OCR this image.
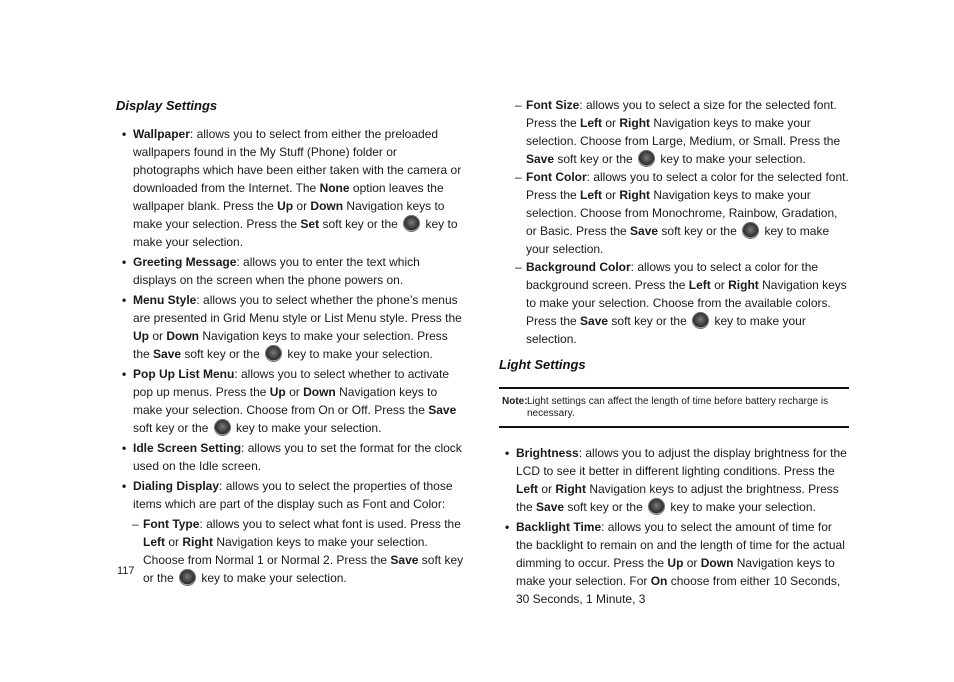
Display Settings
• Wallpaper: allows you to select from either the preloaded wallpapers found in the My Stuff (Phone) folder or photographs which have been either taken with the camera or downloaded from the Internet. The None option leaves the wallpaper blank. Press the Up or Down Navigation keys to make your selection. Press the Set soft key or the  key to make your selection.
• Greeting Message: allows you to enter the text which displays on the screen when the phone powers on.
• Menu Style: allows you to select whether the phone’s menus are presented in Grid Menu style or List Menu style. Press the Up or Down Navigation keys to make your selection. Press the Save soft key or the  key to make your selection.
• Pop Up List Menu: allows you to select whether to activate pop up menus. Press the Up or Down Navigation keys to make your selection. Choose from On or Off. Press the Save soft key or the  key to make your selection.
• Idle Screen Setting: allows you to set the format for the clock used on the Idle screen.
• Dialing Display: allows you to select the properties of those items which are part of the display such as Font and Color:
– Font Type: allows you to select what font is used. Press the Left or Right Navigation keys to make your selection. Choose from Normal 1 or Normal 2. Press the Save soft key or the  key to make your selection.
– Font Size: allows you to select a size for the selected font. Press the Left or Right Navigation keys to make your selection. Choose from Large, Medium, or Small. Press the Save soft key or the  key to make your selection.
– Font Color: allows you to select a color for the selected font. Press the Left or Right Navigation keys to make your selection. Choose from Monochrome, Rainbow, Gradation, or Basic. Press the Save soft key or the  key to make your selection.
– Background Color: allows you to select a color for the background screen. Press the Left or Right Navigation keys to make your selection. Choose from the available colors. Press the Save soft key or the  key to make your selection.
Light Settings
Note: Light settings can affect the length of time before battery recharge is necessary.
• Brightness: allows you to adjust the display brightness for the LCD to see it better in different lighting conditions. Press the Left or Right Navigation keys to adjust the brightness. Press the Save soft key or the  key to make your selection.
• Backlight Time: allows you to select the amount of time for the backlight to remain on and the length of time for the actual dimming to occur. Press the Up or Down Navigation keys to make your selection. For On choose from either 10 Seconds, 30 Seconds, 1 Minute, 3
117
